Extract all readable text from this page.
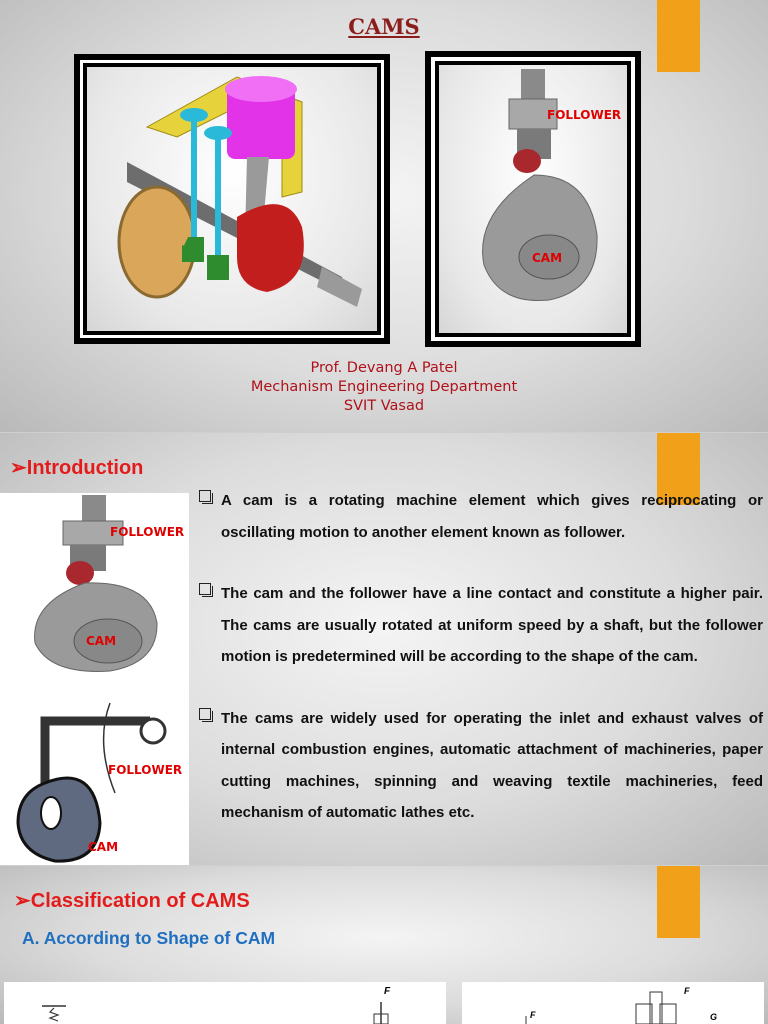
CAMS
FOLLOWER
CAM
Prof. Devang A Patel
Mechanism Engineering Department
SVIT Vasad
➢Introduction
FOLLOWER
CAM
FOLLOWER
CAM

A cam is a rotating machine element which gives reciprocating or oscillating motion to another element known as follower.

The cam and the follower have a line contact and constitute a higher pair. The cams are usually rotated at uniform speed by a shaft, but the follower motion is predetermined will be according to the shape of the cam.

The cams are widely used for operating the inlet and exhaust valves of internal combustion engines, automatic attachment of machineries, paper cutting machines, spinning and weaving textile machineries, feed mechanism of automatic lathes etc.

➢Classification of CAMS
A. According to Shape of CAM
F
F
F
G
